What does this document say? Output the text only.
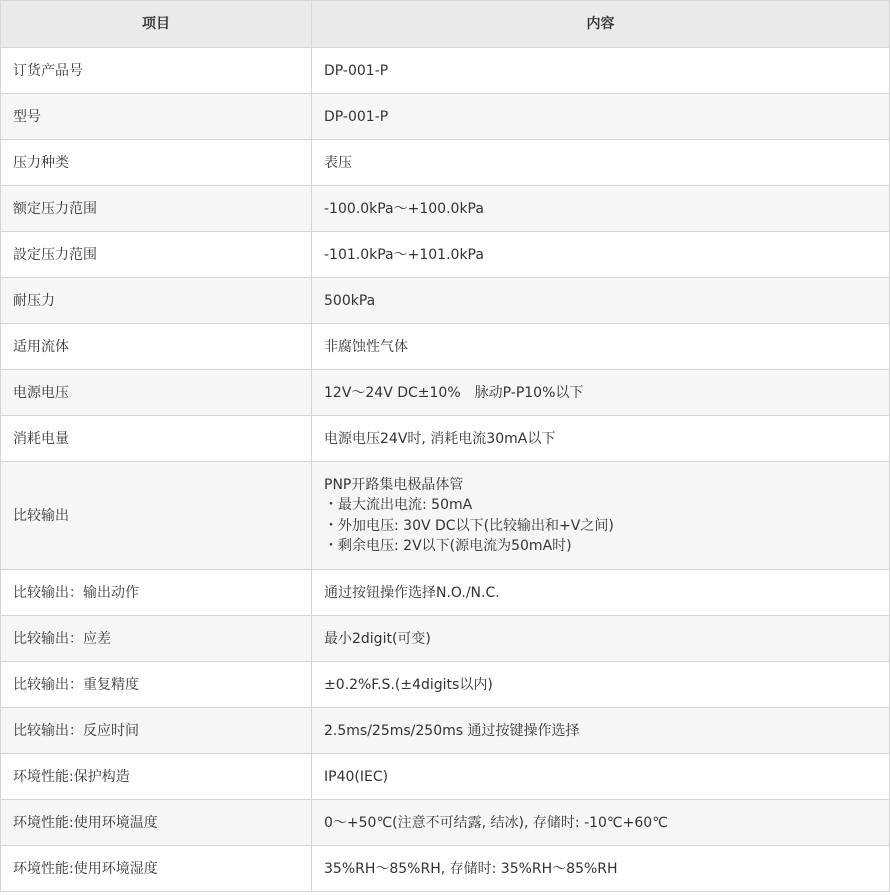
项目	内容
订货产品号	DP-001-P
型号	DP-001-P
压力种类	表压
额定压力范围	-100.0kPa～+100.0kPa
設定压力范围	-101.0kPa～+101.0kPa
耐压力	500kPa
适用流体	非腐蚀性气体
电源电压	12V～24V DC±10%　脉动P-P10%以下
消耗电量	电源电压24V时, 消耗电流30mA以下
比较输出	PNP开路集电极晶体管
・最大流出电流: 50mA
・外加电压: 30V DC以下(比较输出和+V之间)
・剩余电压: 2V以下(源电流为50mA时)

比较输出：输出动作	通过按钮操作选择N.O./N.C.
比较输出：应差	最小2digit(可变)
比较输出：重复精度	±0.2%F.S.(±4digits以内)
比较输出：反应时间	2.5ms/25ms/250ms 通过按键操作选择
环境性能:保护构造	IP40(IEC)
环境性能:使用环境温度	0～+50℃(注意不可结露, 结冰), 存储时: -10℃+60℃
环境性能:使用环境湿度	35%RH～85%RH, 存储时: 35%RH～85%RH
